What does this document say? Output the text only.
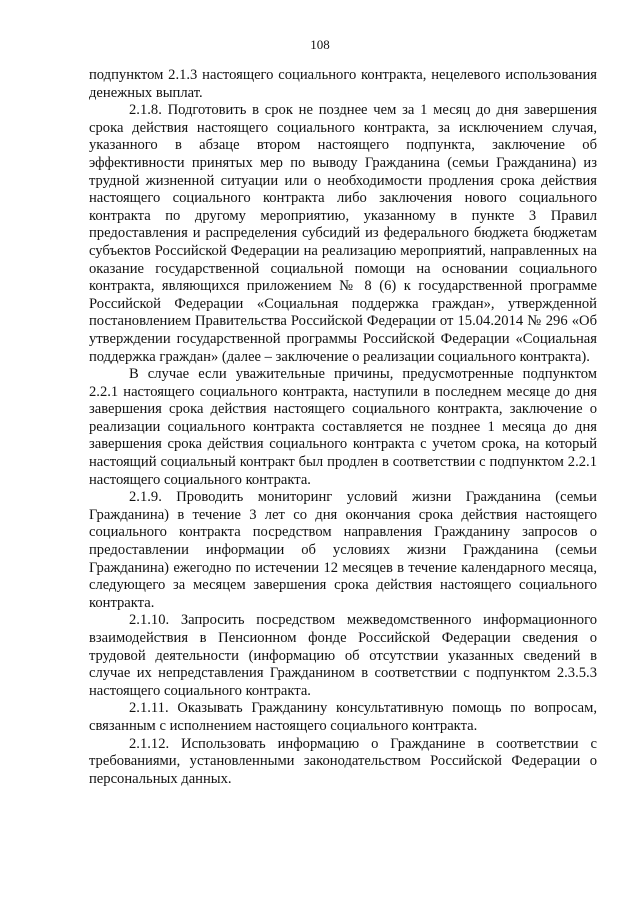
108

подпунктом 2.1.3 настоящего социального контракта, нецелевого использования денежных выплат.

2.1.8. Подготовить в срок не позднее чем за 1 месяц до дня завершения срока действия настоящего социального контракта, за исключением случая, указанного в абзаце втором настоящего подпункта, заключение об эффективности принятых мер по выводу Гражданина (семьи Гражданина) из трудной жизненной ситуации или о необходимости продления срока действия настоящего социального контракта либо заключения нового социального контракта по другому мероприятию, указанному в пункте 3 Правил предоставления и распределения субсидий из федерального бюджета бюджетам субъектов Российской Федерации на реализацию мероприятий, направленных на оказание государственной социальной помощи на основании социального контракта, являющихся приложением № 8 (6) к государственной программе Российской Федерации «Социальная поддержка граждан», утвержденной постановлением Правительства Российской Федерации от 15.04.2014 № 296 «Об утверждении государственной программы Российской Федерации «Социальная поддержка граждан» (далее – заключение о реализации социального контракта).

В случае если уважительные причины, предусмотренные подпунктом 2.2.1 настоящего социального контракта, наступили в последнем месяце до дня завершения срока действия настоящего социального контракта, заключение о реализации социального контракта составляется не позднее 1 месяца до дня завершения срока действия социального контракта с учетом срока, на который настоящий социальный контракт был продлен в соответствии с подпунктом 2.2.1 настоящего социального контракта.

2.1.9. Проводить мониторинг условий жизни Гражданина (семьи Гражданина) в течение 3 лет со дня окончания срока действия настоящего социального контракта посредством направления Гражданину запросов о предоставлении информации об условиях жизни Гражданина (семьи Гражданина) ежегодно по истечении 12 месяцев в течение календарного месяца, следующего за месяцем завершения срока действия настоящего социального контракта.

2.1.10. Запросить посредством межведомственного информационного взаимодействия в Пенсионном фонде Российской Федерации сведения о трудовой деятельности (информацию об отсутствии указанных сведений в случае их непредставления Гражданином в соответствии с подпунктом 2.3.5.3 настоящего социального контракта.

2.1.11. Оказывать Гражданину консультативную помощь по вопросам, связанным с исполнением настоящего социального контракта.

2.1.12. Использовать информацию о Гражданине в соответствии с требованиями, установленными законодательством Российской Федерации о персональных данных.
